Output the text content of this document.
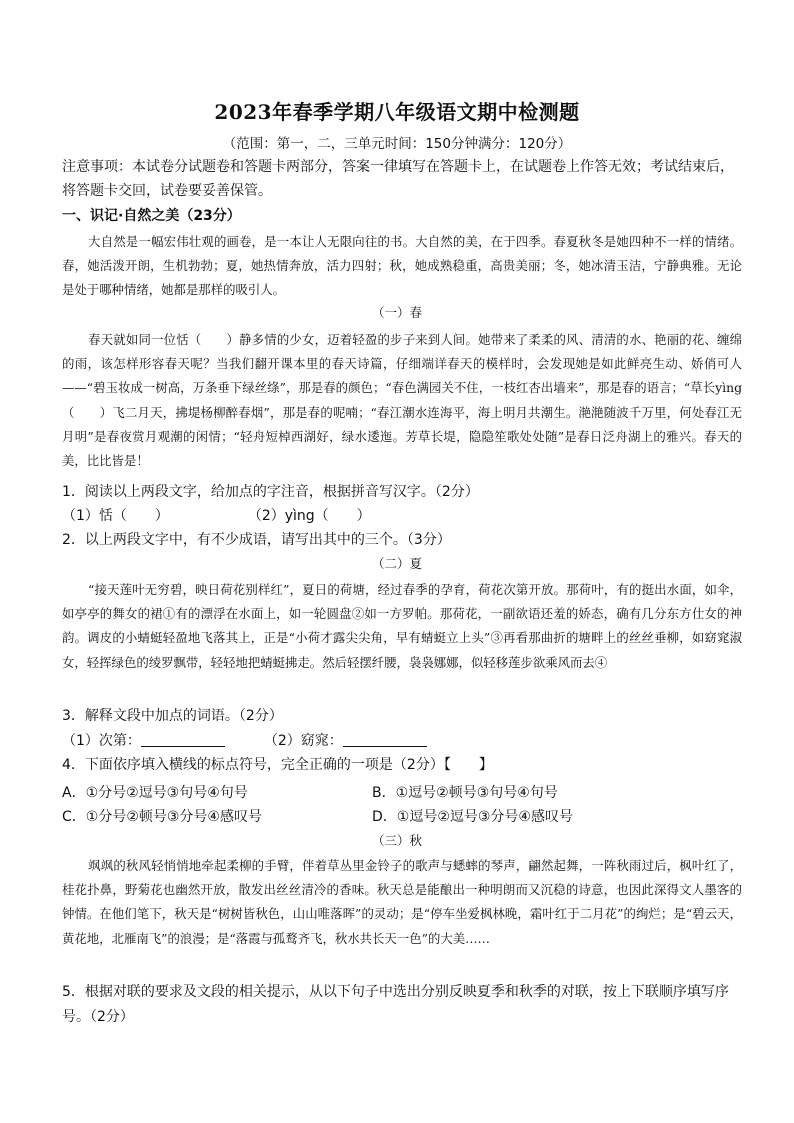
2023年春季学期八年级语文期中检测题
（范围：第一，二，三单元时间：150分钟满分：120分）
注意事项：本试卷分试题卷和答题卡两部分，答案一律填写在答题卡上，在试题卷上作答无效；考试结束后，
将答题卡交回，试卷要妥善保管。
一、识记·自然之美（23分）
大自然是一幅宏伟壮观的画卷，是一本让人无限向往的书。大自然的美，在于四季。春夏秋冬是她四种不一样的情绪。春，她活泼开朗，生机勃勃；夏，她热情奔放，活力四射；秋，她成熟稳重，高贵美丽；冬，她冰清玉洁，宁静典雅。无论是处于哪种情绪，她都是那样的吸引人。
（一）春
春天就如同一位恬（　　）静多情的少女，迈着轻盈的步子来到人间。她带来了柔柔的风、清清的水、艳丽的花、缠绵的雨，该怎样形容春天呢？当我们翻开课本里的春天诗篇，仔细端详春天的模样时，会发现她是如此鲜亮生动、娇俏可人——“碧玉妆成一树高，万条垂下绿丝绦”，那是春的颜色；“春色满园关不住，一枝红杏出墙来”，那是春的语言；“草长yìng（　　）飞二月天，拂堤杨柳醉春烟”，那是春的呢喃；“春江潮水连海平，海上明月共潮生。滟滟随波千万里，何处春江无月明”是春夜赏月观潮的闲情；“轻舟短棹西湖好，绿水逶迤。芳草长堤，隐隐笙歌处处随”是春日泛舟湖上的雅兴。春天的美，比比皆是！
1．阅读以上两段文字，给加点的字注音，根据拼音写汉字。（2分）
（1）恬（　　）	（2）yìng（　　）
2．以上两段文字中，有不少成语，请写出其中的三个。（3分）
（二）夏
“接天莲叶无穷碧，映日荷花别样红”，夏日的荷塘，经过春季的孕育，荷花次第开放。那荷叶，有的挺出水面，如伞，如亭亭的舞女的裙①有的漂浮在水面上，如一轮圆盘②如一方罗帕。那荷花，一副欲语还羞的娇态，确有几分东方仕女的神韵。调皮的小蜻蜓轻盈地飞落其上，正是“小荷才露尖尖角，早有蜻蜓立上头”③再看那曲折的塘畔上的丝丝垂柳，如窈窕淑女，轻挥绿色的绫罗飘带，轻轻地把蜻蜓拂走。然后轻摆纤腰，袅袅娜娜，似轻移莲步欲乘风而去④
3．解释文段中加点的词语。（2分）
（1）次第：	（2）窈窕：
4．下面依序填入横线的标点符号，完全正确的一项是（2分）【　　】
A．①分号②逗号③句号④句号	B．①逗号②顿号③句号④句号
C．①分号②顿号③分号④感叹号	D．①逗号②逗号③分号④感叹号
（三）秋
飒飒的秋风轻悄悄地牵起柔柳的手臂，伴着草丛里金铃子的歌声与蟋蟀的琴声，翩然起舞，一阵秋雨过后，枫叶红了，桂花扑鼻，野菊花也幽然开放，散发出丝丝清冷的香味。秋天总是能酿出一种明朗而又沉稳的诗意，也因此深得文人墨客的钟情。在他们笔下，秋天是“树树皆秋色，山山唯落晖”的灵动；是“停车坐爱枫林晚，霜叶红于二月花”的绚烂；是“碧云天，黄花地，北雁南飞”的浪漫；是“落霞与孤鹜齐飞，秋水共长天一色”的大美……
5．根据对联的要求及文段的相关提示，从以下句子中选出分别反映夏季和秋季的对联，按上下联顺序填写序号。（2分）
